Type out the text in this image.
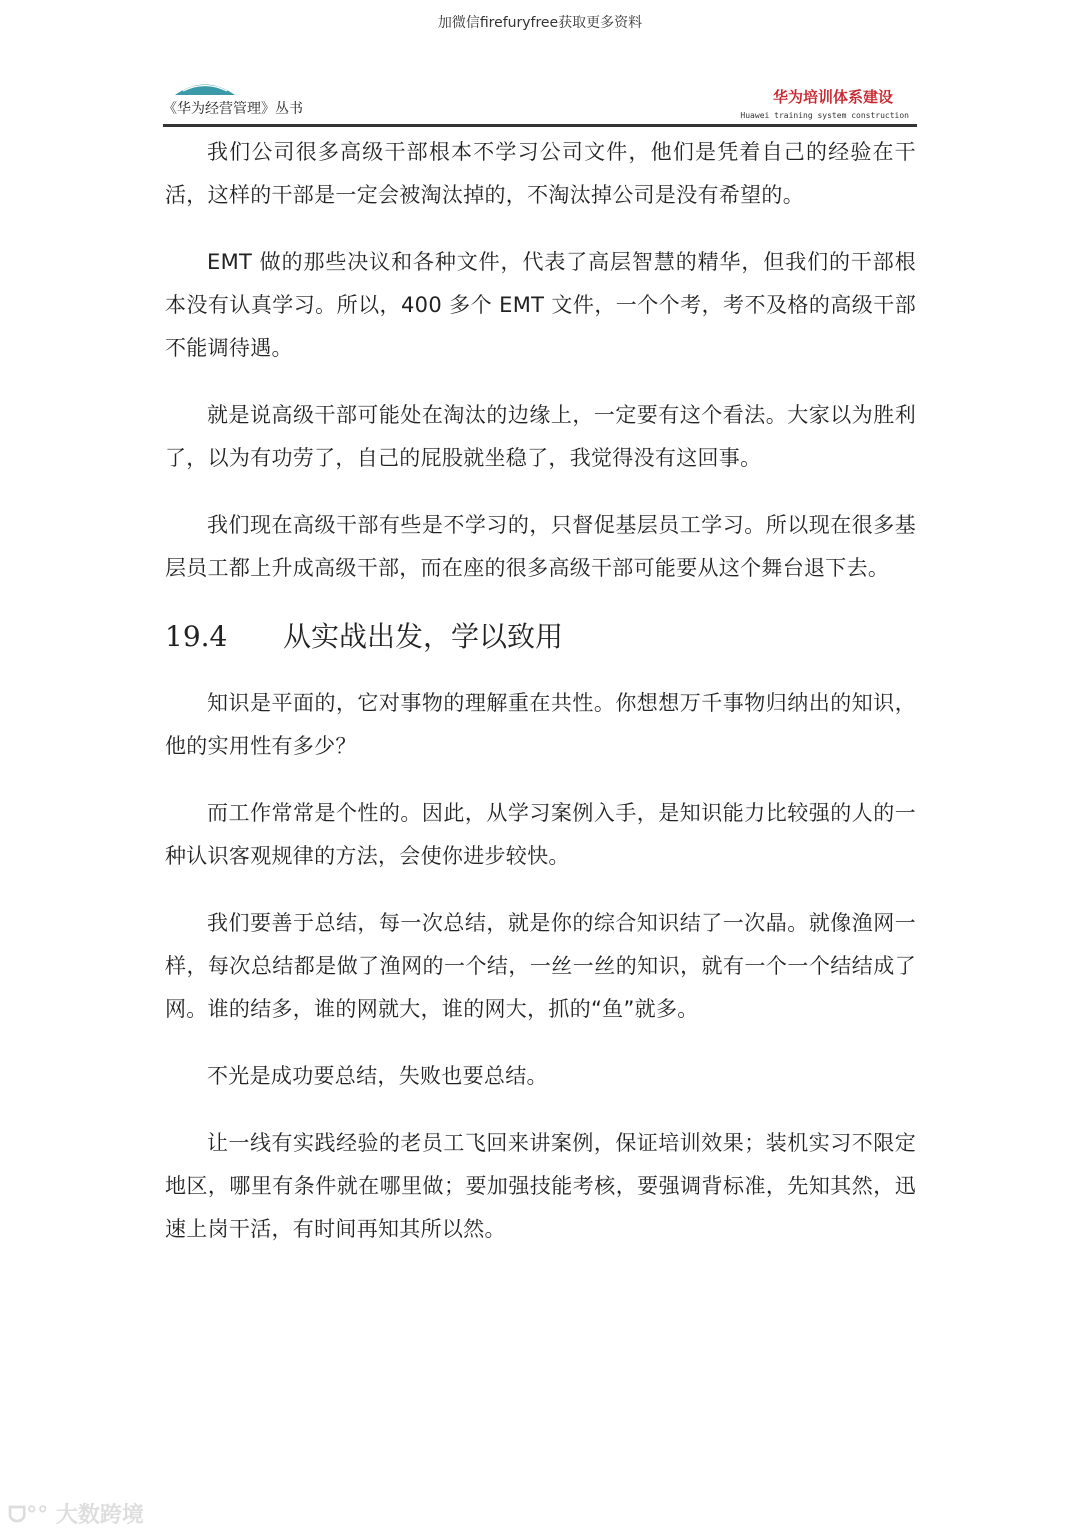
加微信firefuryfree获取更多资料
《华为经营管理》丛书
华为培训体系建设
Huawei training system construction

我们公司很多高级干部根本不学习公司文件，他们是凭着自己的经验在干活，这样的干部是一定会被淘汰掉的，不淘汰掉公司是没有希望的。

EMT 做的那些决议和各种文件，代表了高层智慧的精华，但我们的干部根本没有认真学习。所以，400 多个 EMT 文件，一个个考，考不及格的高级干部不能调待遇。

就是说高级干部可能处在淘汰的边缘上，一定要有这个看法。大家以为胜利了，以为有功劳了，自己的屁股就坐稳了，我觉得没有这回事。

我们现在高级干部有些是不学习的，只督促基层员工学习。所以现在很多基层员工都上升成高级干部，而在座的很多高级干部可能要从这个舞台退下去。

19.4 从实战出发，学以致用

知识是平面的，它对事物的理解重在共性。你想想万千事物归纳出的知识，他的实用性有多少？

而工作常常是个性的。因此，从学习案例入手，是知识能力比较强的人的一种认识客观规律的方法，会使你进步较快。

我们要善于总结，每一次总结，就是你的综合知识结了一次晶。就像渔网一样，每次总结都是做了渔网的一个结，一丝一丝的知识，就有一个一个结结成了网。谁的结多，谁的网就大，谁的网大，抓的“鱼”就多。

不光是成功要总结，失败也要总结。

让一线有实践经验的老员工飞回来讲案例，保证培训效果；装机实习不限定地区，哪里有条件就在哪里做；要加强技能考核，要强调背标准，先知其然，迅速上岗干活，有时间再知其所以然。

ᗜ°° 大数跨境
